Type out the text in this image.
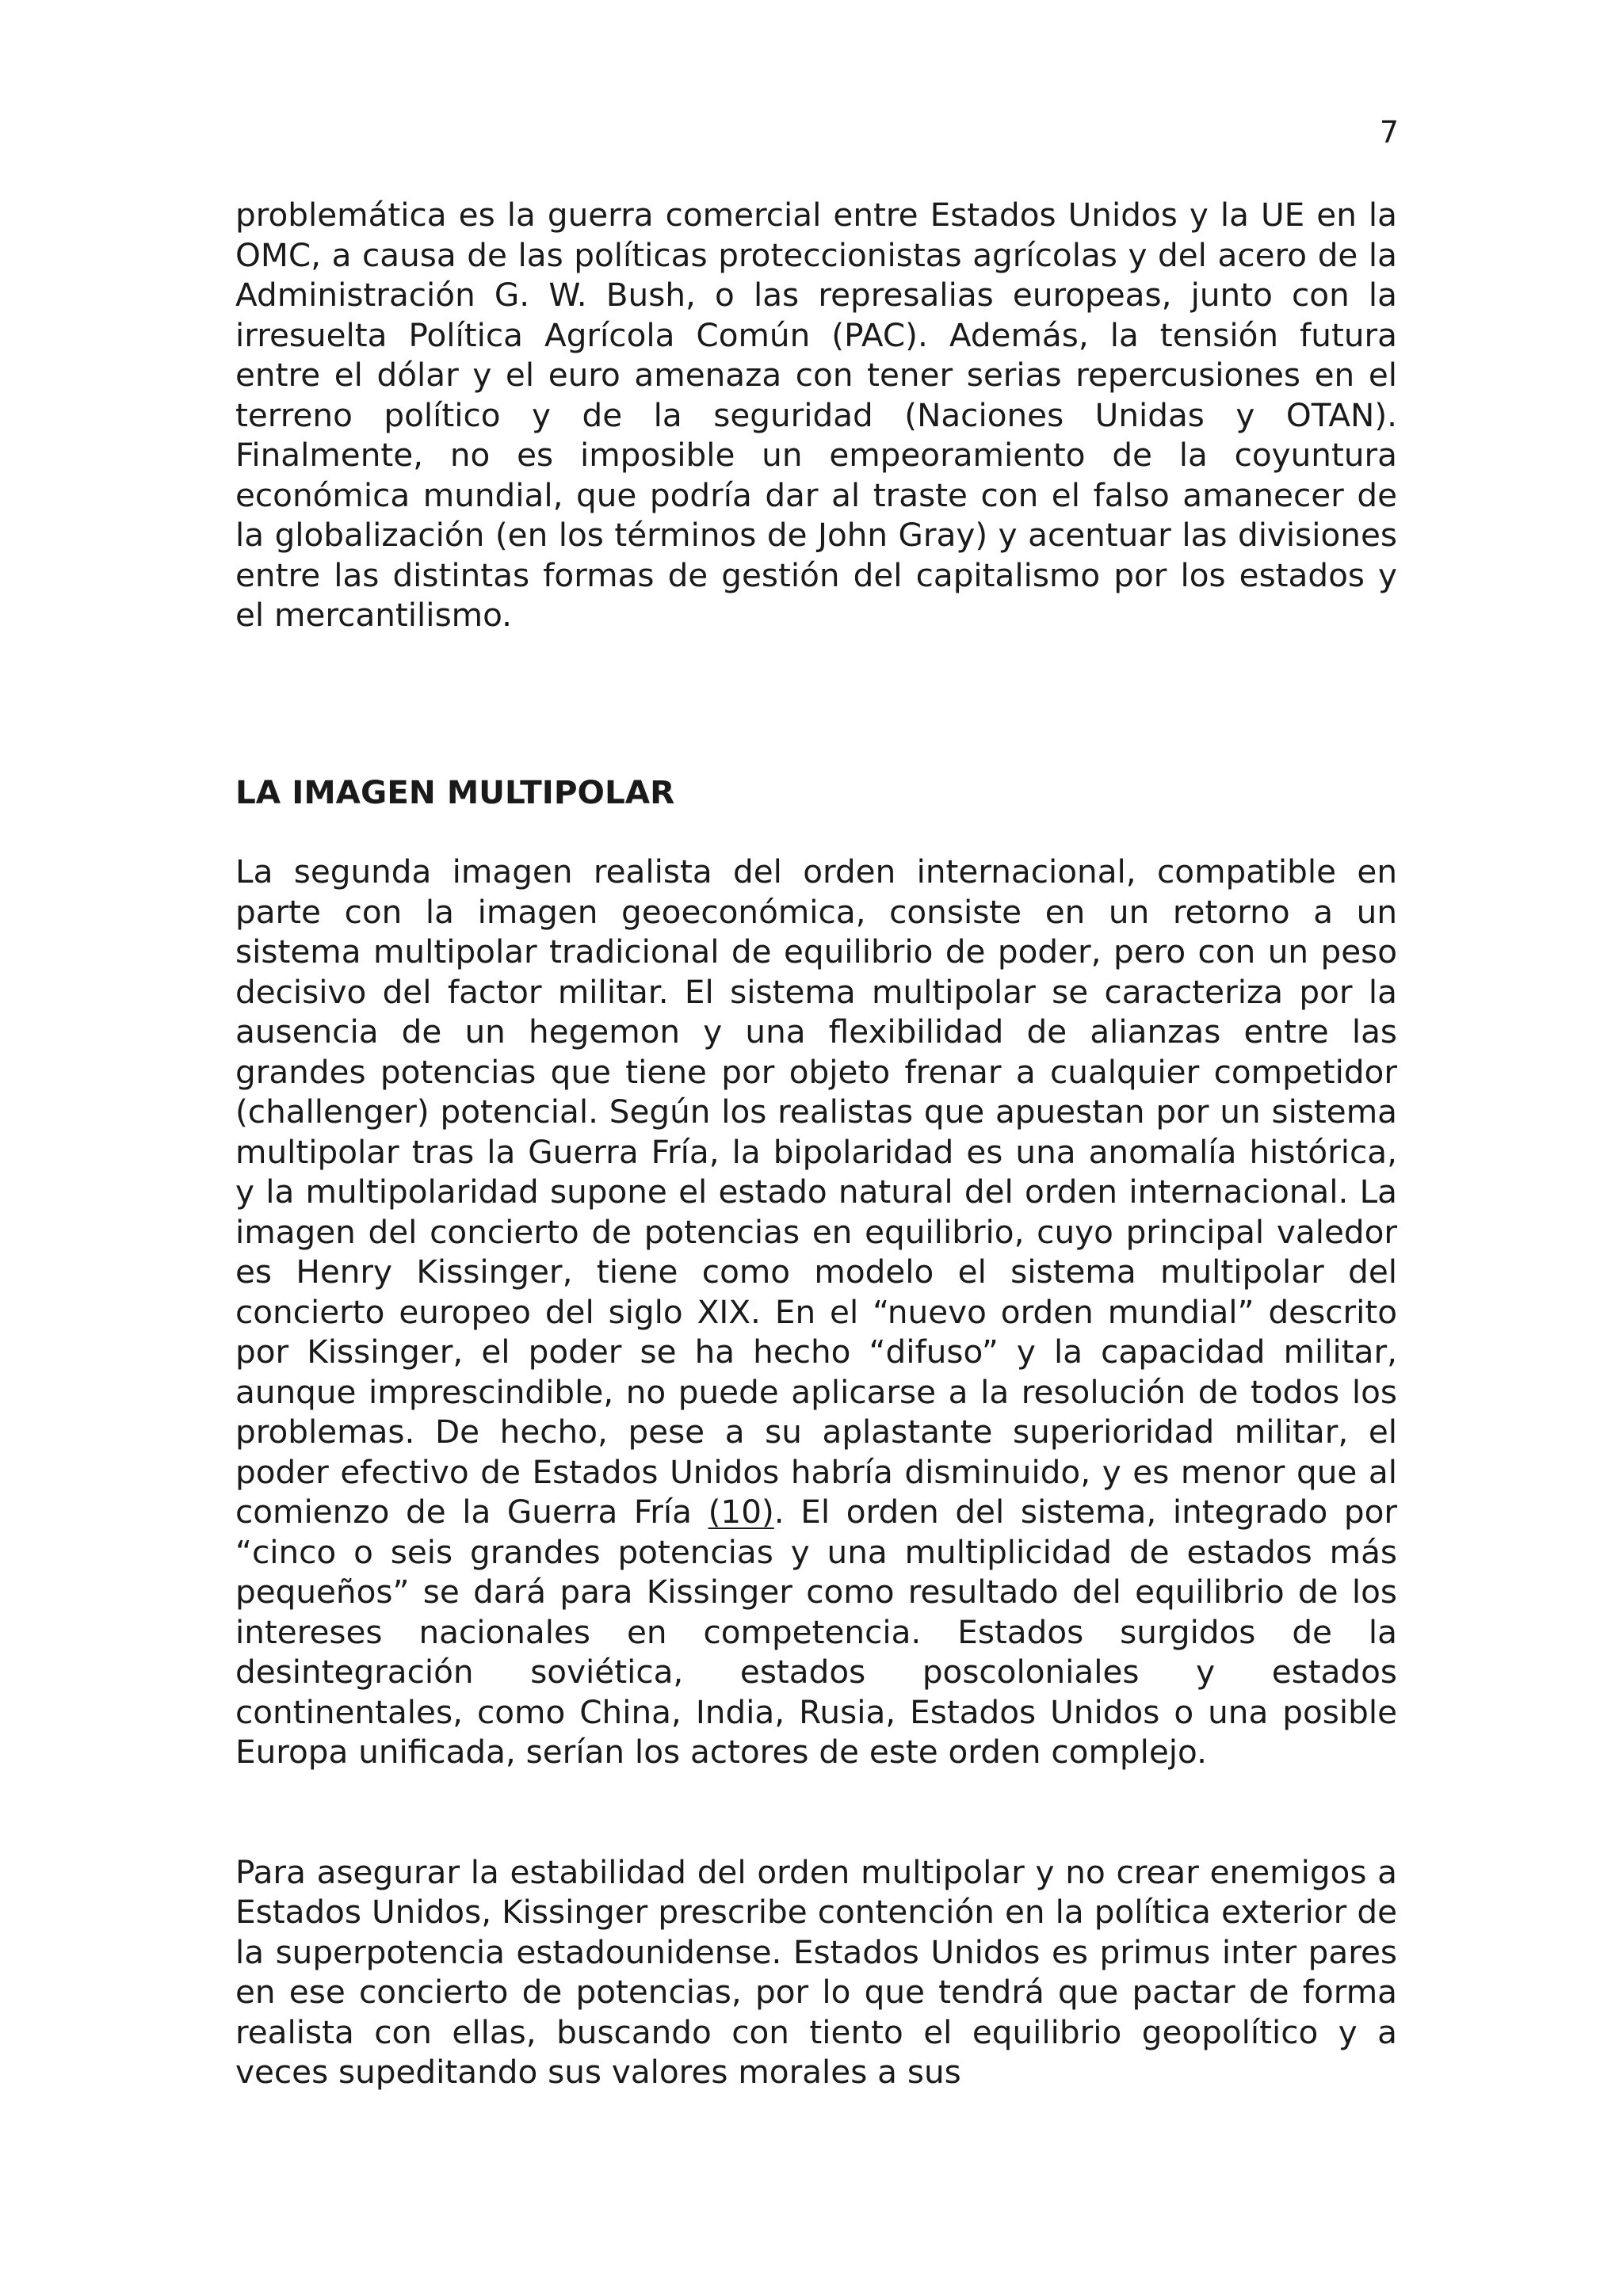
7

problemática es la guerra comercial entre Estados Unidos y la UE en la OMC, a causa de las políticas proteccionistas agrícolas y del acero de la Administración G. W. Bush, o las represalias europeas, junto con la irresuelta Política Agrícola Común (PAC). Además, la tensión futura entre el dólar y el euro amenaza con tener serias repercusiones en el terreno político y de la seguridad (Naciones Unidas y OTAN). Finalmente, no es imposible un empeoramiento de la coyuntura económica mundial, que podría dar al traste con el falso amanecer de la globalización (en los términos de John Gray) y acentuar las divisiones entre las distintas formas de gestión del capitalismo por los estados y el mercantilismo.

LA IMAGEN MULTIPOLAR

La segunda imagen realista del orden internacional, compatible en parte con la imagen geoeconómica, consiste en un retorno a un sistema multipolar tradicional de equilibrio de poder, pero con un peso decisivo del factor militar. El sistema multipolar se caracteriza por la ausencia de un hegemon y una flexibilidad de alianzas entre las grandes potencias que tiene por objeto frenar a cualquier competidor (challenger) potencial. Según los realistas que apuestan por un sistema multipolar tras la Guerra Fría, la bipolaridad es una anomalía histórica, y la multipolaridad supone el estado natural del orden internacional. La imagen del concierto de potencias en equilibrio, cuyo principal valedor es Henry Kissinger, tiene como modelo el sistema multipolar del concierto europeo del siglo XIX. En el “nuevo orden mundial” descrito por Kissinger, el poder se ha hecho “difuso” y la capacidad militar, aunque imprescindible, no puede aplicarse a la resolución de todos los problemas. De hecho, pese a su aplastante superioridad militar, el poder efectivo de Estados Unidos habría disminuido, y es menor que al comienzo de la Guerra Fría (10). El orden del sistema, integrado por “cinco o seis grandes potencias y una multiplicidad de estados más pequeños” se dará para Kissinger como resultado del equilibrio de los intereses nacionales en competencia. Estados surgidos de la desintegración soviética, estados poscoloniales y estados continentales, como China, India, Rusia, Estados Unidos o una posible Europa unificada, serían los actores de este orden complejo.

Para asegurar la estabilidad del orden multipolar y no crear enemigos a Estados Unidos, Kissinger prescribe contención en la política exterior de la superpotencia estadounidense. Estados Unidos es primus inter pares en ese concierto de potencias, por lo que tendrá que pactar de forma realista con ellas, buscando con tiento el equilibrio geopolítico y a veces supeditando sus valores morales a sus
